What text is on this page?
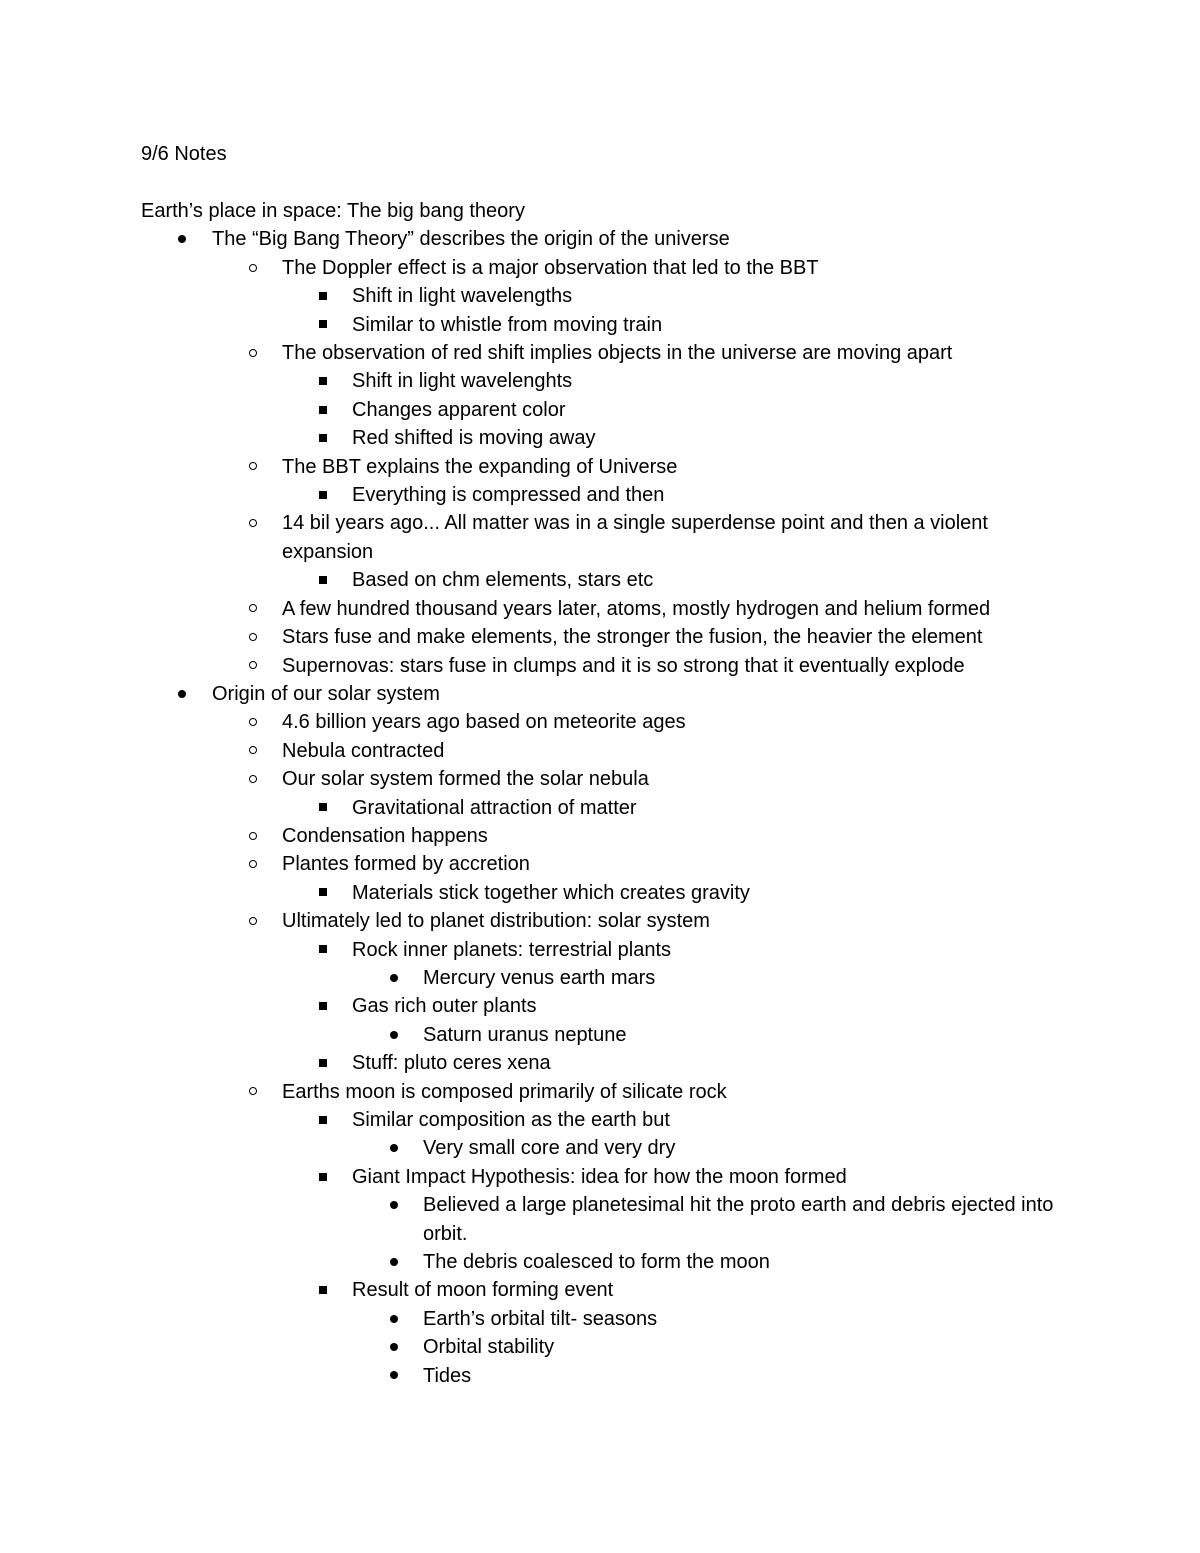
9/6 Notes
Earth’s place in space: The big bang theory
The “Big Bang Theory” describes the origin of the universe
The Doppler effect is a major observation that led to the BBT
Shift in light wavelengths
Similar to whistle from moving train
The observation of red shift implies objects in the universe are moving apart
Shift in light wavelenghts
Changes apparent color
Red shifted is moving away
The BBT explains the expanding of Universe
Everything is compressed and then
14 bil years ago... All matter was in a single superdense point and then a violent expansion
Based on chm elements, stars etc
A few hundred thousand years later, atoms, mostly hydrogen and helium formed
Stars fuse and make elements, the stronger the fusion, the heavier the element
Supernovas: stars fuse in clumps and it is so strong that it eventually explode
Origin of our solar system
4.6 billion years ago based on meteorite ages
Nebula contracted
Our solar system formed the solar nebula
Gravitational attraction of matter
Condensation happens
Plantes formed by accretion
Materials stick together which creates gravity
Ultimately led to planet distribution: solar system
Rock inner planets: terrestrial plants
Mercury venus earth mars
Gas rich outer plants
Saturn uranus neptune
Stuff: pluto ceres xena
Earths moon is composed primarily of silicate rock
Similar composition as the earth but
Very small core and very dry
Giant Impact Hypothesis: idea for how the moon formed
Believed a large planetesimal hit the proto earth and debris ejected into orbit.
The debris coalesced to form the moon
Result of moon forming event
Earth’s orbital tilt- seasons
Orbital stability
Tides
